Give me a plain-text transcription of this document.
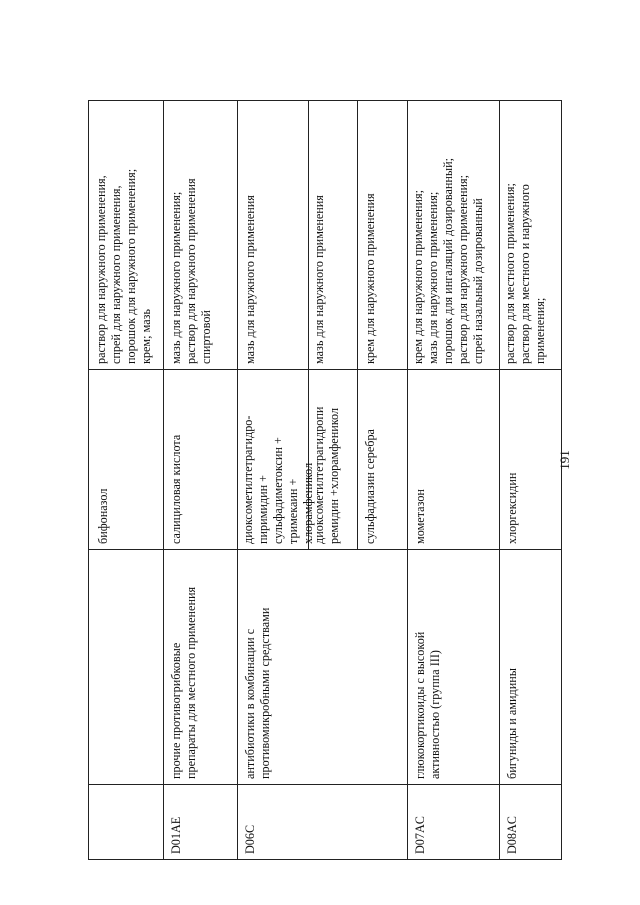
бифоназол
раствор для наружного применения,
спрей для наружного применения,
порошок для наружного применения;
крем; мазь
D01AE
прочие противогрибковые
препараты для местного применения
салициловая кислота
мазь для наружного применения;
раствор для наружного применения
спиртовой
D06C
антибиотики в комбинации с
противомикробными средствами
диоксометилтетрагидро-
пиримидин +
сульфадиметоксин +
тримекаин +
хлорамфеникол
мазь для наружного применения
диоксометилтетрагидропи
ремидин +хлорамфеникол
мазь для наружного применения
сульфадиазин серебра
крем для наружного применения
D07AC
глюкокортикоиды с высокой
активностью (группа III)
мометазон
крем для наружного применения;
мазь для наружного применения;
порошок для ингаляций дозированный;
раствор для наружного применения;
спрей назальный дозированный
D08AC
бигуниды и амидины
хлоргексидин
раствор для местного применения;
раствор для местного и наружного
применения;
191
